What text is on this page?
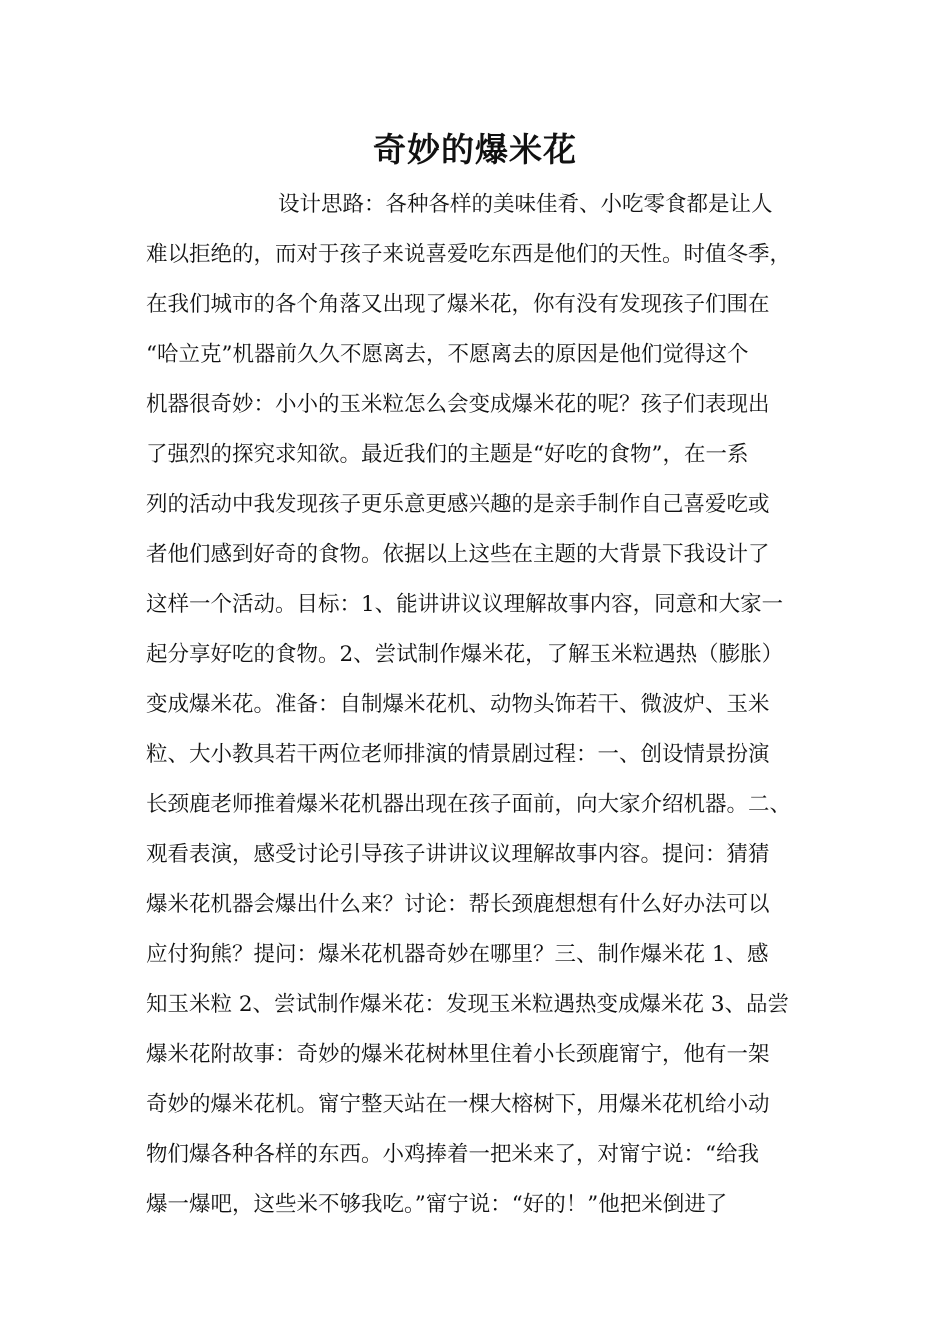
奇妙的爆米花
设计思路：各种各样的美味佳肴、小吃零食都是让人
难以拒绝的，而对于孩子来说喜爱吃东西是他们的天性。时值冬季，
在我们城市的各个角落又出现了爆米花，你有没有发现孩子们围在
“哈立克”机器前久久不愿离去，不愿离去的原因是他们觉得这个
机器很奇妙：小小的玉米粒怎么会变成爆米花的呢？孩子们表现出
了强烈的探究求知欲。最近我们的主题是“好吃的食物”，在一系
列的活动中我发现孩子更乐意更感兴趣的是亲手制作自己喜爱吃或
者他们感到好奇的食物。依据以上这些在主题的大背景下我设计了
这样一个活动。目标：1、能讲讲议议理解故事内容，同意和大家一
起分享好吃的食物。2、尝试制作爆米花，了解玉米粒遇热（膨胀）
变成爆米花。准备：自制爆米花机、动物头饰若干、微波炉、玉米
粒、大小教具若干两位老师排演的情景剧过程：一、创设情景扮演
长颈鹿老师推着爆米花机器出现在孩子面前，向大家介绍机器。二、
观看表演，感受讨论引导孩子讲讲议议理解故事内容。提问：猜猜
爆米花机器会爆出什么来？讨论：帮长颈鹿想想有什么好办法可以
应付狗熊？提问：爆米花机器奇妙在哪里？三、制作爆米花 1、感
知玉米粒 2、尝试制作爆米花：发现玉米粒遇热变成爆米花 3、品尝
爆米花附故事：奇妙的爆米花树林里住着小长颈鹿甯宁，他有一架
奇妙的爆米花机。甯宁整天站在一棵大榕树下，用爆米花机给小动
物们爆各种各样的东西。小鸡捧着一把米来了，对甯宁说：“给我
爆一爆吧，这些米不够我吃。”甯宁说：“好的！”他把米倒进了
